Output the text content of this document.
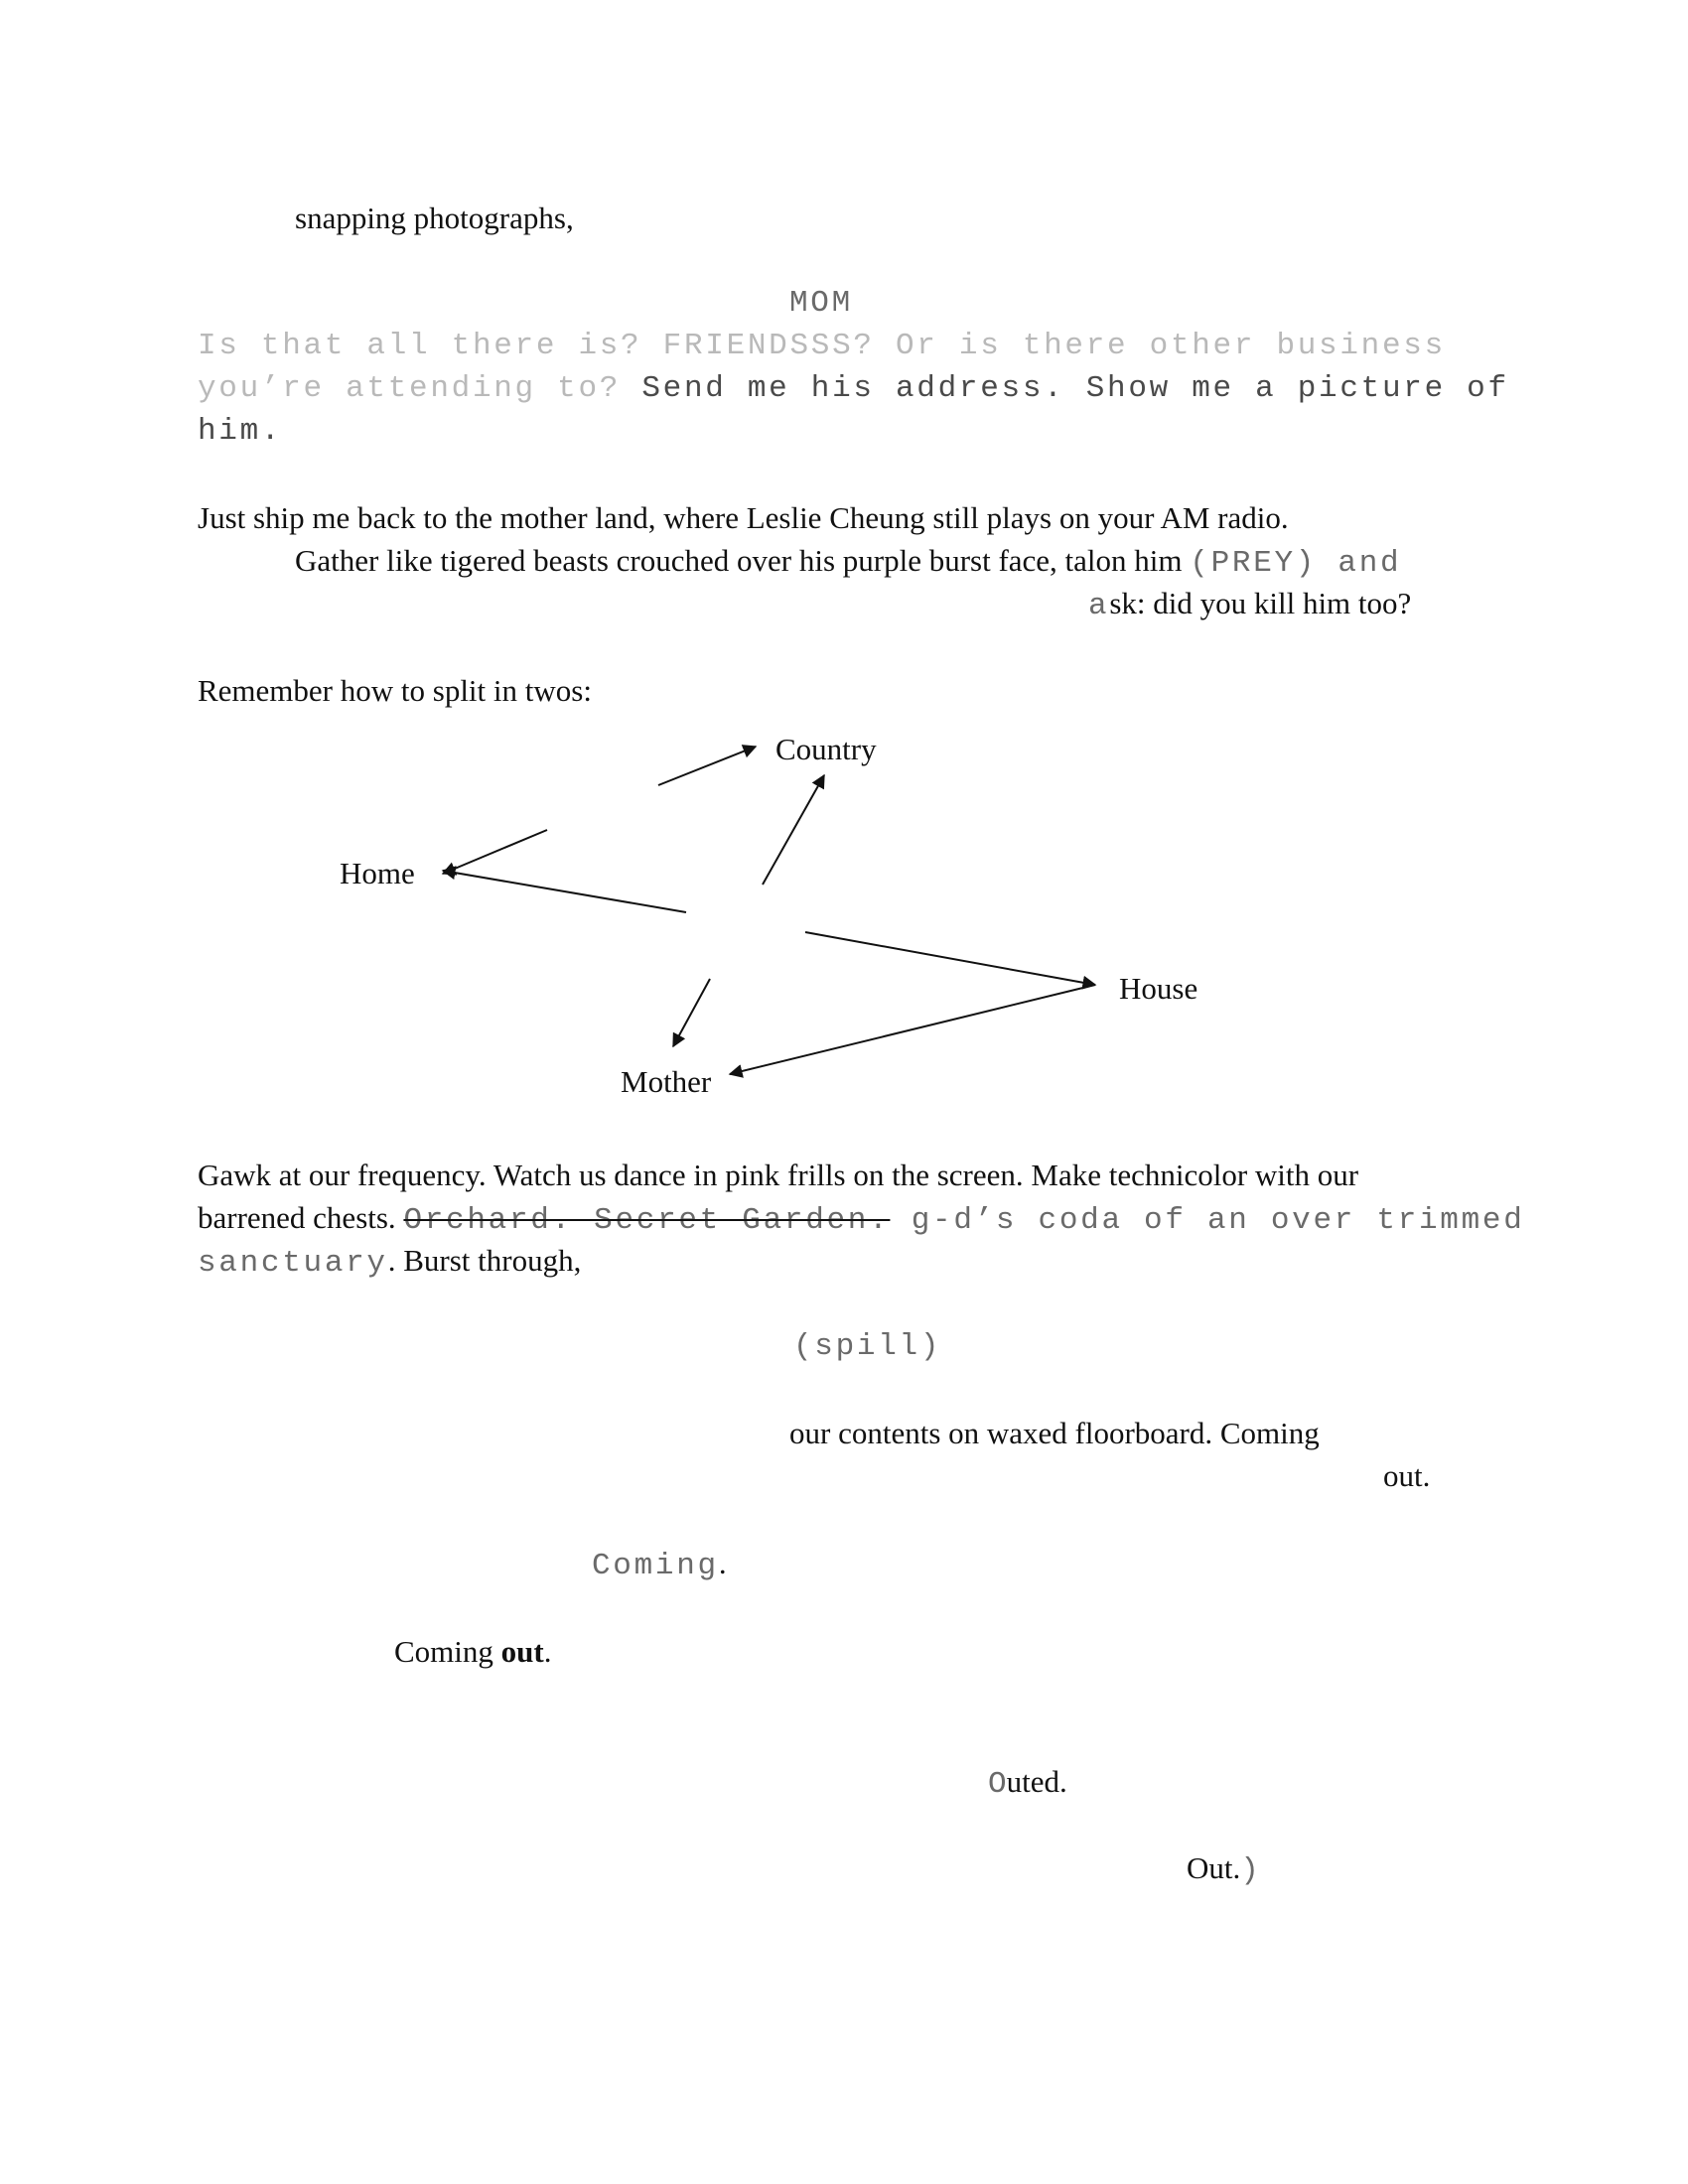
snapping photographs,
MOM
Is that all there is? FRIENDSSS? Or is there other business
you’re attending to? Send me his address. Show me a picture of
him.
Just ship me back to the mother land, where Leslie Cheung still plays on your AM radio.
Gather like tigered beasts crouched over his purple burst face, talon him (PREY) and
ask: did you kill him too?
Remember how to split in twos:
Country
Home
House
Mother
Gawk at our frequency. Watch us dance in pink frills on the screen. Make technicolor with our
barrened chests. Orchard. Secret Garden. g-d’s coda of an over trimmed
sanctuary. Burst through,
(spill)
our contents on waxed floorboard. Coming
out.
Coming.
Coming out.
Outed.
Out.)
